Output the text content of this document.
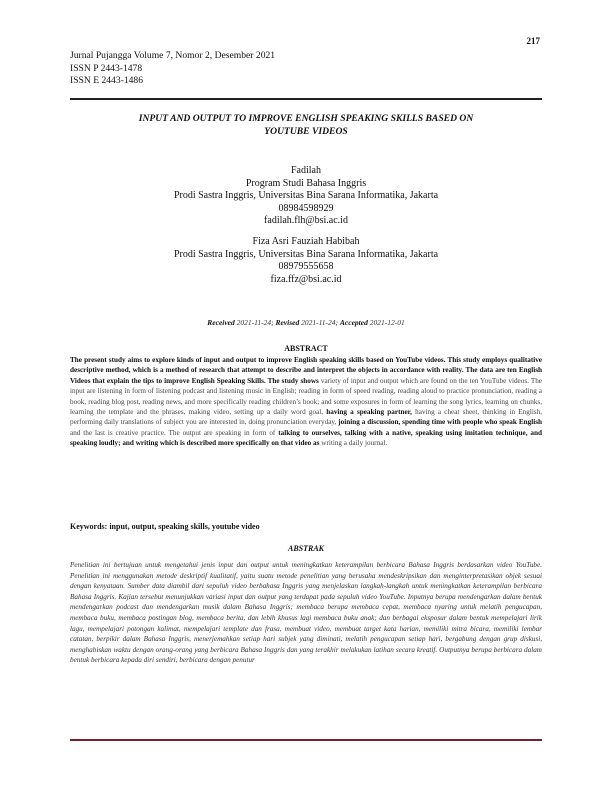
217
Jurnal Pujangga Volume 7, Nomor 2, Desember 2021
ISSN P 2443-1478
ISSN E 2443-1486
INPUT AND OUTPUT TO IMPROVE ENGLISH SPEAKING SKILLS BASED ON
YOUTUBE VIDEOS
Fadilah
Program Studi Bahasa Inggris
Prodi Sastra Inggris, Universitas Bina Sarana Informatika, Jakarta
08984598929
fadilah.flh@bsi.ac.id
Fiza Asri Fauziah Habibah
Prodi Sastra Inggris, Universitas Bina Sarana Informatika, Jakarta
08979555658
fiza.ffz@bsi.ac.id
Received 2021-11-24; Revised 2021-11-24; Accepted 2021-12-01
ABSTRACT
The present study aims to explore kinds of input and output to improve English speaking skills based on YouTube videos. This study employs qualitative descriptive method, which is a method of research that attempt to describe and interpret the objects in accordance with reality. The data are ten English Videos that explain the tips to improve English Speaking Skills. The study shows variety of input and output which are found on the ten YouTube videos. The input are listening in form of listening podcast and listening music in English; reading in form of speed reading, reading aloud to practice pronunciation, reading a book, reading blog post, reading news, and more specifically reading children’s book; and some exposures in form of learning the song lyrics, learning on chunks, learning the template and the phrases, making video, setting up a daily word goal, having a speaking partner, having a cheat sheet, thinking in English, performing daily translations of subject you are interested in, doing pronunciation everyday, joining a discussion, spending time with people who speak English and the last is creative practice. The output are speaking in form of talking to ourselves, talking with a native, speaking using imitation technique, and speaking loudly; and writing which is described more specifically on that video as writing a daily journal.
Keywords: input, output, speaking skills, youtube video
ABSTRAK
Penelitian ini bertujuan untuk mengetahui jenis input dan output untuk meningkatkan keterampilan berbicara Bahasa Inggris berdasarkan video YouTube. Penelitian ini menggunakan metode deskriptif kualitatif, yaitu suatu metode penelitian yang berusaha mendeskripsikan dan menginterpretasikan objek sesuai dengan kenyataan. Sumber data diambil dari sepuluh video berbahasa Inggris yang menjelaskan langkah-langkah untuk meningkatkan keterampilan berbicara Bahasa Inggris. Kajian tersebut menunjukkan variasi input dan output yang terdapat pada sepuluh video YouTube. Inputnya berupa mendengarkan dalam bentuk mendengarkan podcast dan mendengarkan musik dalam Bahasa Inggris; membaca berupa membaca cepat, membaca nyaring untuk melatih pengucapan, membaca buku, membaca postingan blog, membaca berita, dan lebih khusus lagi membaca buku anak; dan berbagai eksposur dalam bentuk mempelajari lirik lagu, mempelajari potongan kalimat, mempelajari template dan frasa, membuat video, membuat target kata harian, memiliki mitra bicara, memiliki lembar catatan, berpikir dalam Bahasa Inggris, menerjemahkan setiap hari subjek yang diminati, melatih pengucapan setiap hari, bergabung dengan grup diskusi, menghabiskan waktu dengan orang-orang yang berbicara Bahasa Inggris dan yang terakhir melakukan latihan secara kreatif. Outputnya berupa berbicara dalam bentuk berbicara kepada diri sendiri, berbicara dengan penutur
